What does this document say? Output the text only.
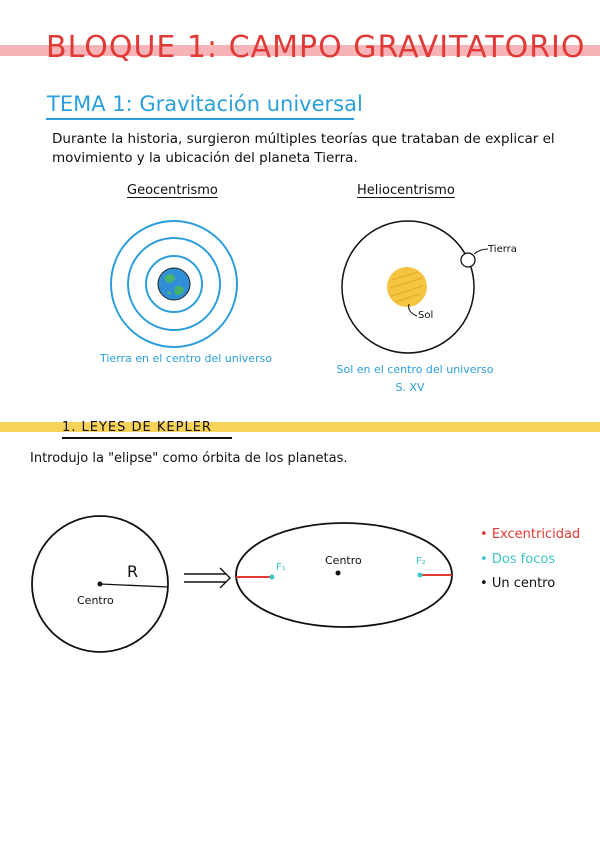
BLOQUE 1: CAMPO GRAVITATORIO
TEMA 1: Gravitación universal
Durante la historia, surgieron múltiples teorías que trataban de explicar el movimiento y la ubicación del planeta Tierra.
Geocentrismo
Tierra en el centro del universo
Heliocentrismo
Tierra
Sol
Sol en el centro del universo
S. XV
1. LEYES DE KEPLER
Introdujo la "elipse" como órbita de los planetas.
R
Centro
Centro
F₁
F₂
• Excentricidad
• Dos focos
• Un centro
